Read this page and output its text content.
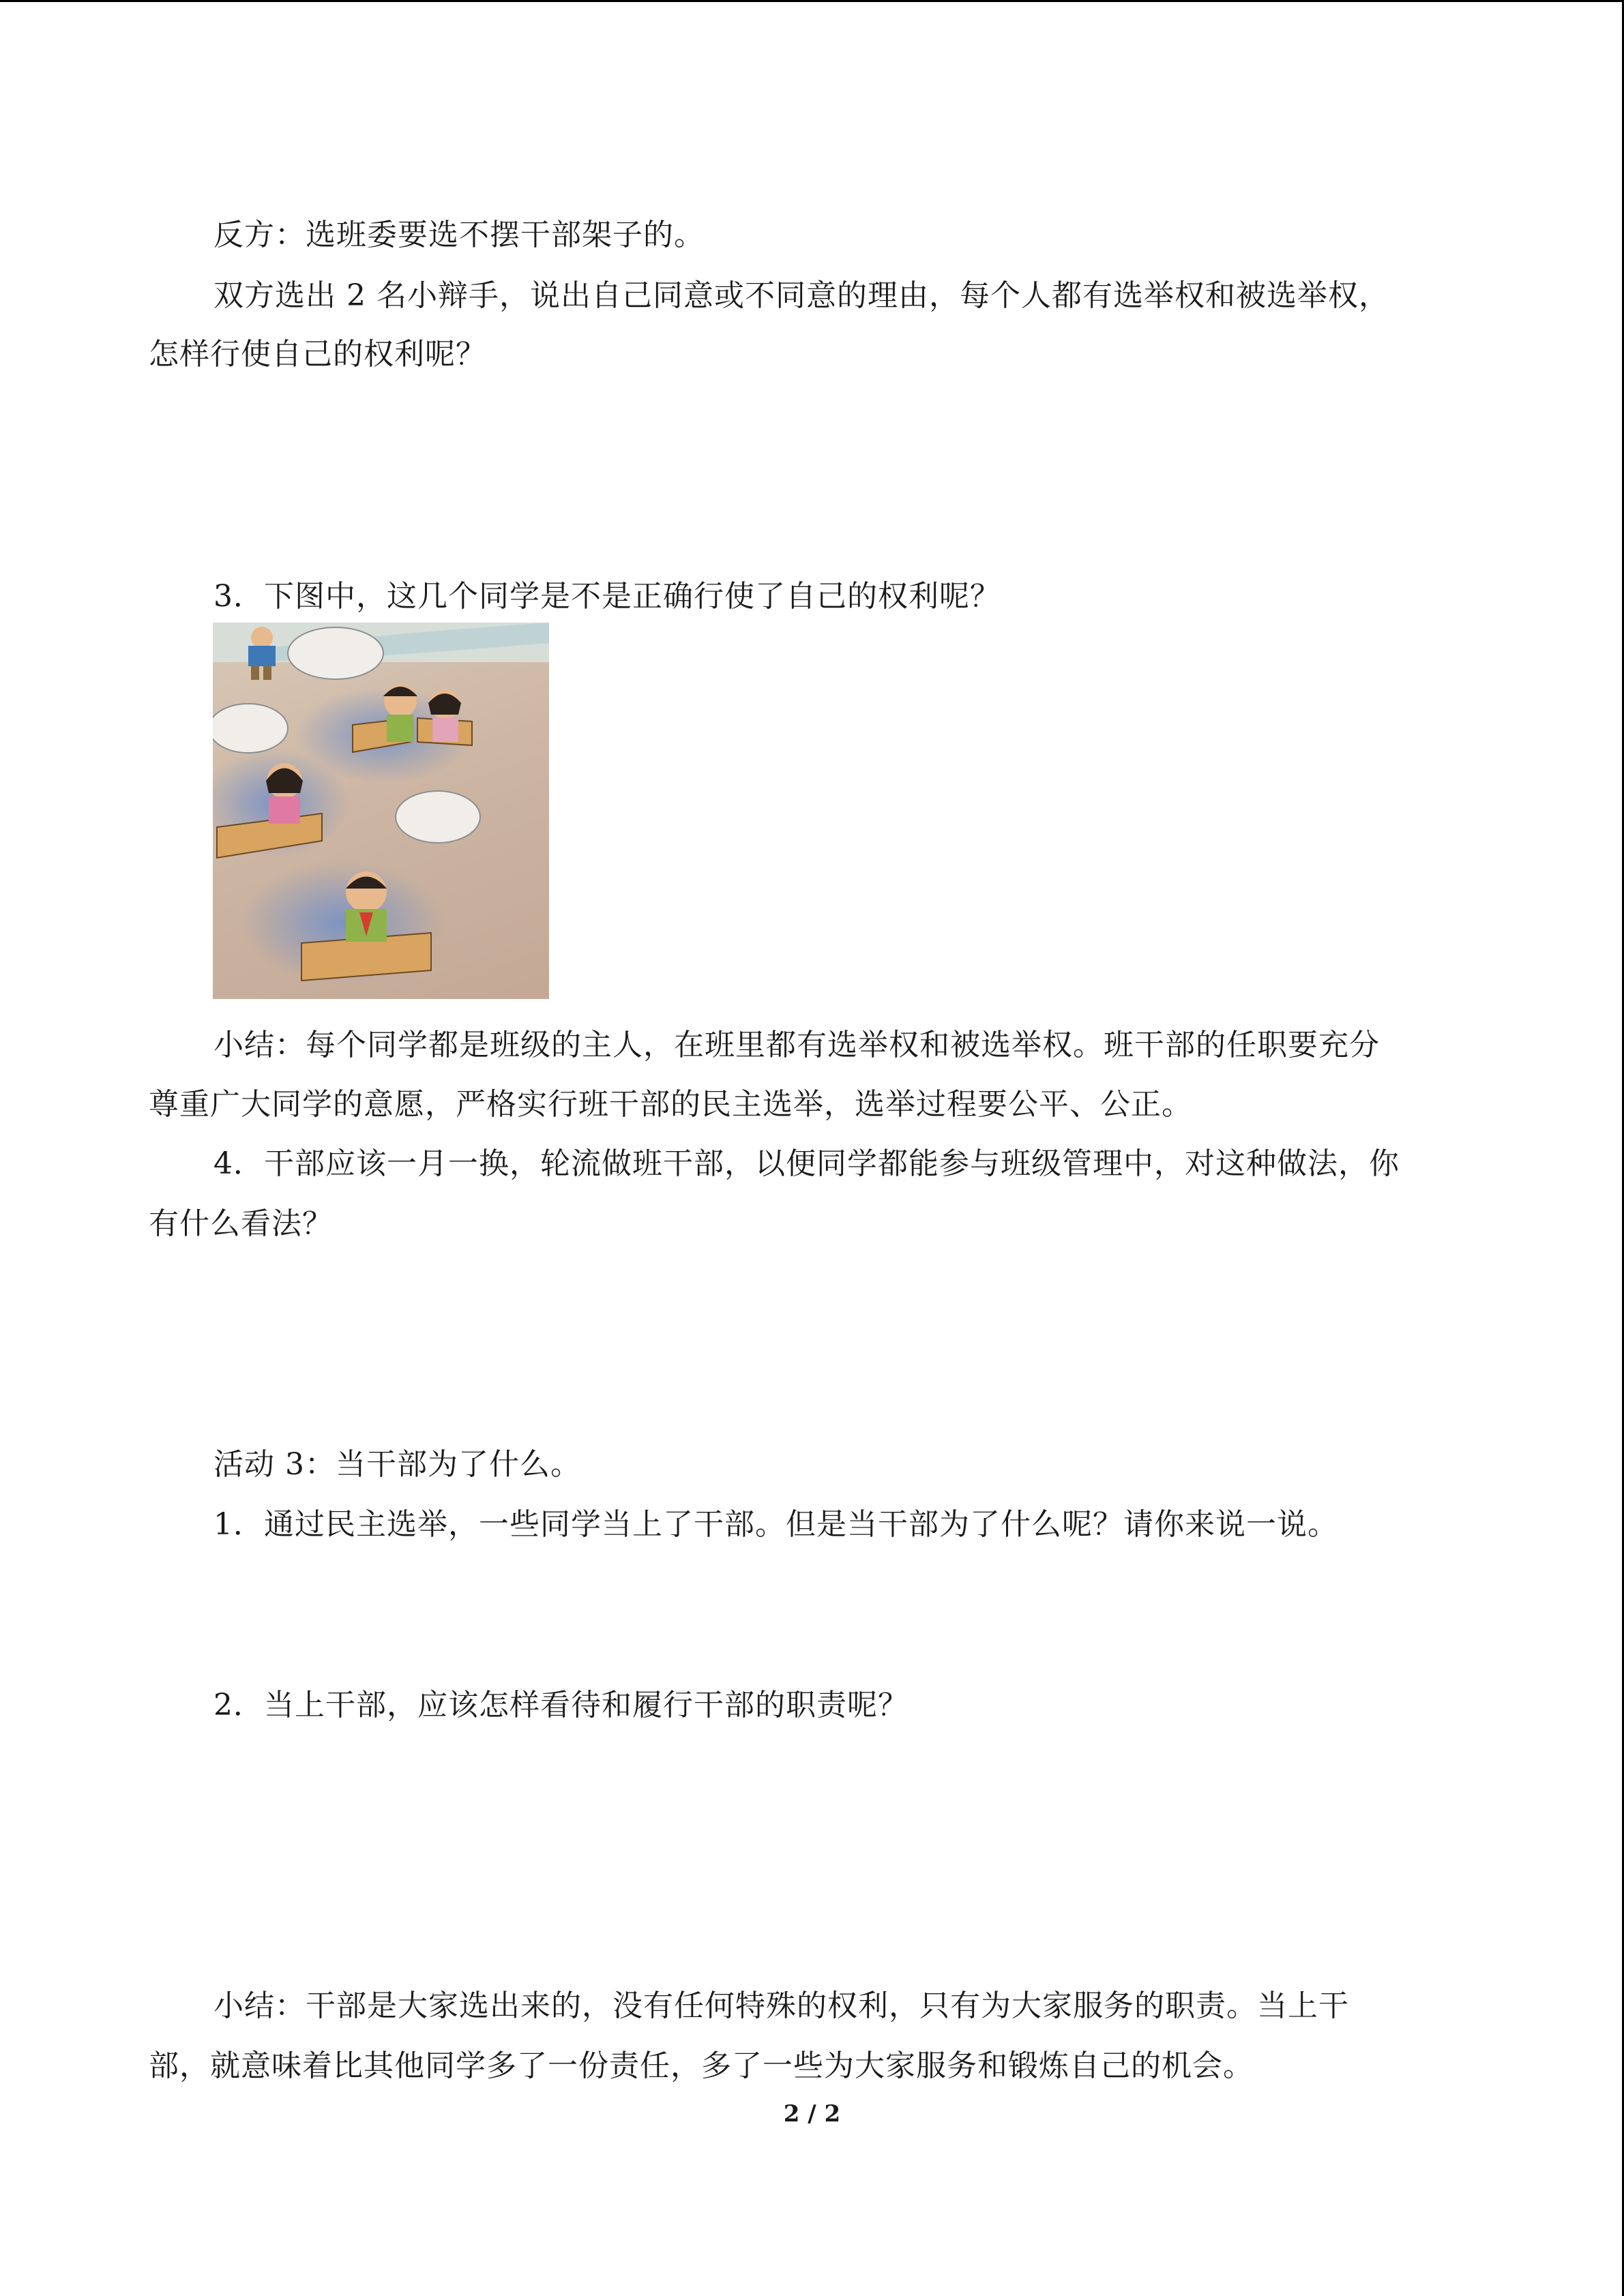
反方：选班委要选不摆干部架子的。
双方选出 2 名小辩手，说出自己同意或不同意的理由，每个人都有选举权和被选举权，
怎样行使自己的权利呢？
3．下图中，这几个同学是不是正确行使了自己的权利呢？
小结：每个同学都是班级的主人，在班里都有选举权和被选举权。班干部的任职要充分
尊重广大同学的意愿，严格实行班干部的民主选举，选举过程要公平、公正。
4．干部应该一月一换，轮流做班干部，以便同学都能参与班级管理中，对这种做法，你
有什么看法？
活动 3：当干部为了什么。
1．通过民主选举，一些同学当上了干部。但是当干部为了什么呢？请你来说一说。
2．当上干部，应该怎样看待和履行干部的职责呢？
小结：干部是大家选出来的，没有任何特殊的权利，只有为大家服务的职责。当上干
部，就意味着比其他同学多了一份责任，多了一些为大家服务和锻炼自己的机会。
2 / 2
